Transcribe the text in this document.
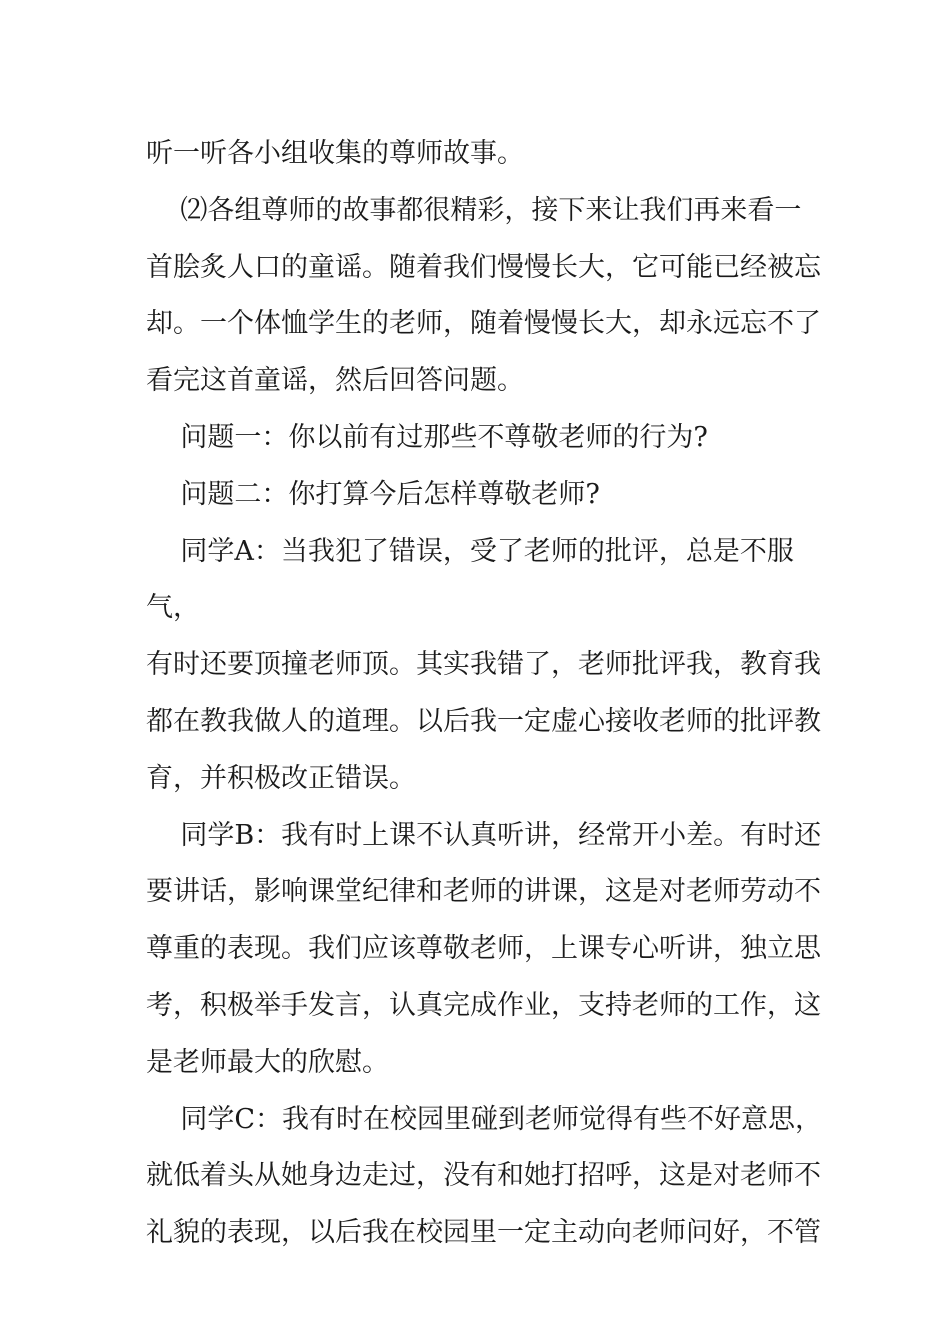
听一听各小组收集的尊师故事。

⑵各组尊师的故事都很精彩，接下来让我们再来看一
首脍炙人口的童谣。随着我们慢慢长大，它可能已经被忘
却。一个体恤学生的老师，随着慢慢长大，却永远忘不了
看完这首童谣，然后回答问题。

问题一：你以前有过那些不尊敬老师的行为?

问题二：你打算今后怎样尊敬老师?

同学A：当我犯了错误，受了老师的批评，总是不服气，
有时还要顶撞老师顶。其实我错了，老师批评我，教育我
都在教我做人的道理。以后我一定虚心接收老师的批评教
育，并积极改正错误。

同学B：我有时上课不认真听讲，经常开小差。有时还
要讲话，影响课堂纪律和老师的讲课，这是对老师劳动不
尊重的表现。我们应该尊敬老师，上课专心听讲，独立思
考，积极举手发言，认真完成作业，支持老师的工作，这
是老师最大的欣慰。

同学C：我有时在校园里碰到老师觉得有些不好意思，
就低着头从她身边走过，没有和她打招呼，这是对老师不
礼貌的表现，以后我在校园里一定主动向老师问好，不管
